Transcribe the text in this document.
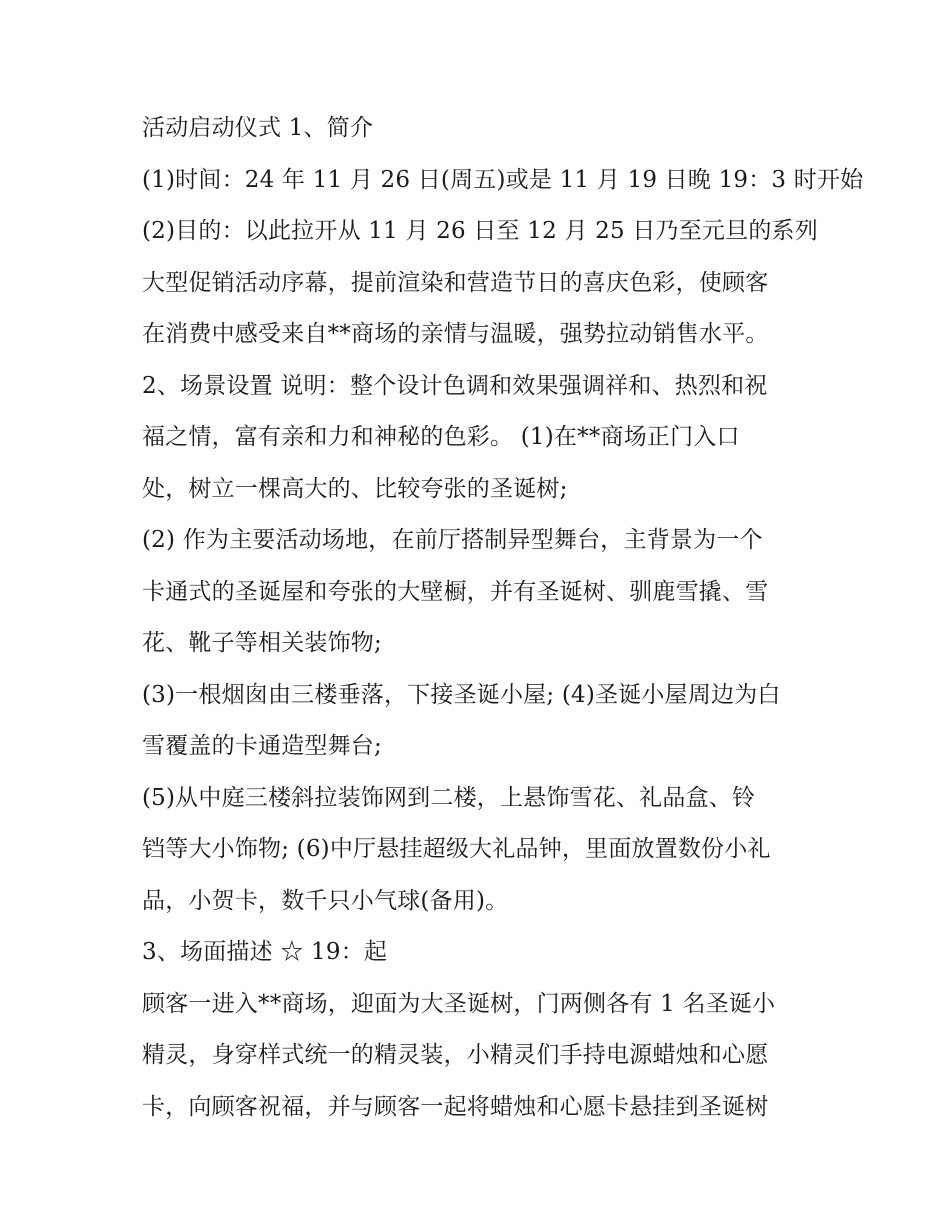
活动启动仪式 1、简介
(1)时间：24 年 11 月 26 日(周五)或是 11 月 19 日晚 19：3 时开始
(2)目的：以此拉开从 11 月 26 日至 12 月 25 日乃至元旦的系列
大型促销活动序幕，提前渲染和营造节日的喜庆色彩，使顾客
在消费中感受来自**商场的亲情与温暖，强势拉动销售水平。
2、场景设置 说明：整个设计色调和效果强调祥和、热烈和祝
福之情，富有亲和力和神秘的色彩。 (1)在**商场正门入口
处，树立一棵高大的、比较夸张的圣诞树;
(2) 作为主要活动场地，在前厅搭制异型舞台，主背景为一个
卡通式的圣诞屋和夸张的大壁橱，并有圣诞树、驯鹿雪撬、雪
花、靴子等相关装饰物;
(3)一根烟囱由三楼垂落，下接圣诞小屋; (4)圣诞小屋周边为白
雪覆盖的卡通造型舞台;
(5)从中庭三楼斜拉装饰网到二楼，上悬饰雪花、礼品盒、铃
铛等大小饰物; (6)中厅悬挂超级大礼品钟，里面放置数份小礼
品，小贺卡，数千只小气球(备用)。
3、场面描述 ☆ 19：起
顾客一进入**商场，迎面为大圣诞树，门两侧各有 1 名圣诞小
精灵，身穿样式统一的精灵装，小精灵们手持电源蜡烛和心愿
卡，向顾客祝福，并与顾客一起将蜡烛和心愿卡悬挂到圣诞树
